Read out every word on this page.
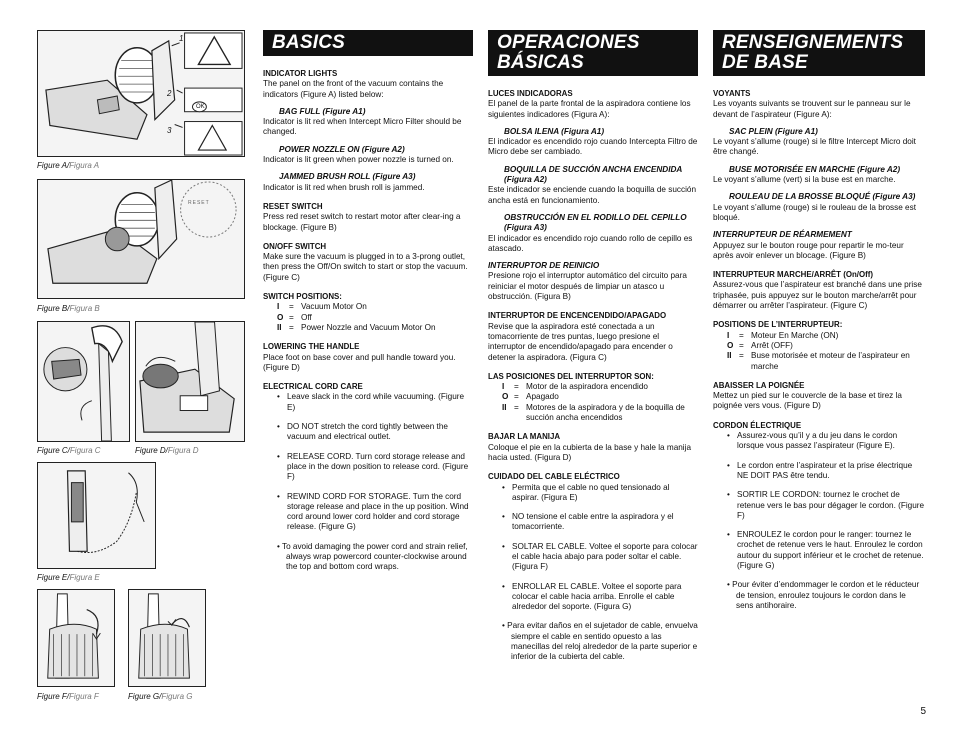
1
2
3
OK
Figure A/Figura A
RESET
Figure B/Figura B
Figure C/Figura C	Figure D/Figura D
Figure E/Figura E
Figure F/Figura F	Figure G/Figura G
BASICS
INDICATOR LIGHTS

The panel on the front of the vacuum contains the indicators (Figure A) listed below:

BAG FULL (Figure A1)

Indicator is lit red when Intercept Micro Filter should be changed.

POWER NOZZLE ON (Figure A2)

Indicator is lit green when power nozzle is turned on.

JAMMED BRUSH ROLL (Figure A3)

Indicator is lit red when brush roll is jammed.

RESET SWITCH

Press red reset switch to restart motor after clear-ing a blockage. (Figure B)

ON/OFF SWITCH

Make sure the vacuum is plugged in to a 3-prong outlet, then press the Off/On switch to start or stop the vacuum. (Figure C)

SWITCH POSITIONS:
I	= Vacuum Motor On
O = Off
II = Power Nozzle and Vacuum Motor On
LOWERING THE HANDLE

Place foot on base cover and pull handle toward you. (Figure D)

ELECTRICAL CORD CARE
• Leave slack in the cord while vacuuming. (Figure E)
• DO NOT stretch the cord tightly between the vacuum and electrical outlet.
• RELEASE CORD. Turn cord storage release and place in the down position to release cord. (Figure F)
• REWIND CORD FOR STORAGE. Turn the cord storage release and place in the up position. Wind cord around lower cord holder and cord storage release. (Figure G)

• To avoid damaging the power cord and strain relief, always wrap powercord counter-clockwise around the top and bottom cord wraps.

OPERACIONES BÁSICAS
LUCES INDICADORAS

El panel de la parte frontal de la aspiradora contiene los siguientes indicadores (Figura A):

BOLSA ILENA (Figura A1)

El indicador es encendido rojo cuando Intercepta Filtro de Micro debe ser cambiado.

BOQUILLA DE SUCCIÓN ANCHA ENCENDIDA (Figura A2)

Este indicador se enciende cuando la boquilla de succión ancha está en funcionamiento.

OBSTRUCCIÓN EN EL RODILLO DEL CEPILLO (Figura A3)

El indicador es encendido rojo cuando rollo de cepillo es atascado.

INTERRUPTOR DE REINICIO

Presione rojo el interruptor automático del circuito para reiniciar el motor después de limpiar un atasco u obstrucción. (Figura B)

INTERRUPTOR DE ENCENCENDIDO/APAGADO

Revise que la aspiradora esté conectada a un tomacorriente de tres puntas, luego presione el interruptor de encendido/apagado para encender o detener la aspiradora. (Figura C)

LAS POSICIONES DEL INTERRUPTOR SON:
I	= Motor de la aspiradora encendido
O = Apagado
II = Motores de la aspiradora y de la boquilla de succión ancha encendidos
BAJAR LA MANIJA

Coloque el pie en la cubierta de la base y hale la manija hacia usted. (Figura D)

CUIDADO DEL CABLE ELÉCTRICO
• Permita que el cable no qued tensionado al aspirar. (Figura E)
• NO tensione el cable entre la aspiradora y el tomacorriente.
• SOLTAR EL CABLE. Voltee el soporte para colocar el cable hacia abajo para poder soltar el cable. (Figura F)
• ENROLLAR EL CABLE. Voltee el soporte para colocar el cable hacia arriba. Enrolle el cable alrededor del soporte. (Figura G)

• Para evitar daños en el sujetador de cable, envuelva siempre el cable en sentido opuesto a las manecillas del reloj alrededor de la parte superior e inferior de la cubierta del cable.

RENSEIGNEMENTS DE BASE
VOYANTS

Les voyants suivants se trouvent sur le panneau sur le devant de l’aspirateur (Figure A):

SAC PLEIN (Figure A1)

Le voyant s’allume (rouge) si le filtre Intercept Micro doit être changé.

BUSE MOTORISÉE EN MARCHE (Figure A2)

Le voyant s’allume (vert) si la buse est en marche.

ROULEAU DE LA BROSSE BLOQUÉ (Figure A3)

Le voyant s’allume (rouge) si le rouleau de la brosse est bloqué.

INTERRUPTEUR DE RÉARMEMENT

Appuyez sur le bouton rouge pour repartir le mo-teur après avoir enlever un blocage. (Figure B)

INTERRUPTEUR MARCHE/ARRÊT (On/Off)

Assurez-vous que l’aspirateur est branché dans une prise triphasée, puis appuyez sur le bouton marche/arrêt pour démarrer ou arrêter l’aspirateur. (Figure C)

POSITIONS DE L’INTERRUPTEUR:
I	= Moteur En Marche (ON)
O = Arrêt (OFF)
II = Buse motorisée et moteur de l’aspirateur en marche
ABAISSER LA POIGNÉE

Mettez un pied sur le couvercle de la base et tirez la poignée vers vous. (Figure D)

CORDON ÉLECTRIQUE
• Assurez-vous qu’il y a du jeu dans le cordon lorsque vous passez l’aspirateur (Figure E).
• Le cordon entre l’aspirateur et la prise électrique NE DOIT PAS être tendu.
• SORTIR LE CORDON: tournez le crochet de retenue vers le bas pour dégager le cordon. (Figure F)
• ENROULEZ le cordon pour le ranger: tournez le crochet de retenue vers le haut. Enroulez le cordon autour du support inférieur et le crochet de retenue. (Figure G)

• Pour éviter d’endommager le cordon et le réducteur de tension, enroulez toujours le cordon dans le sens antihoraire.

5
